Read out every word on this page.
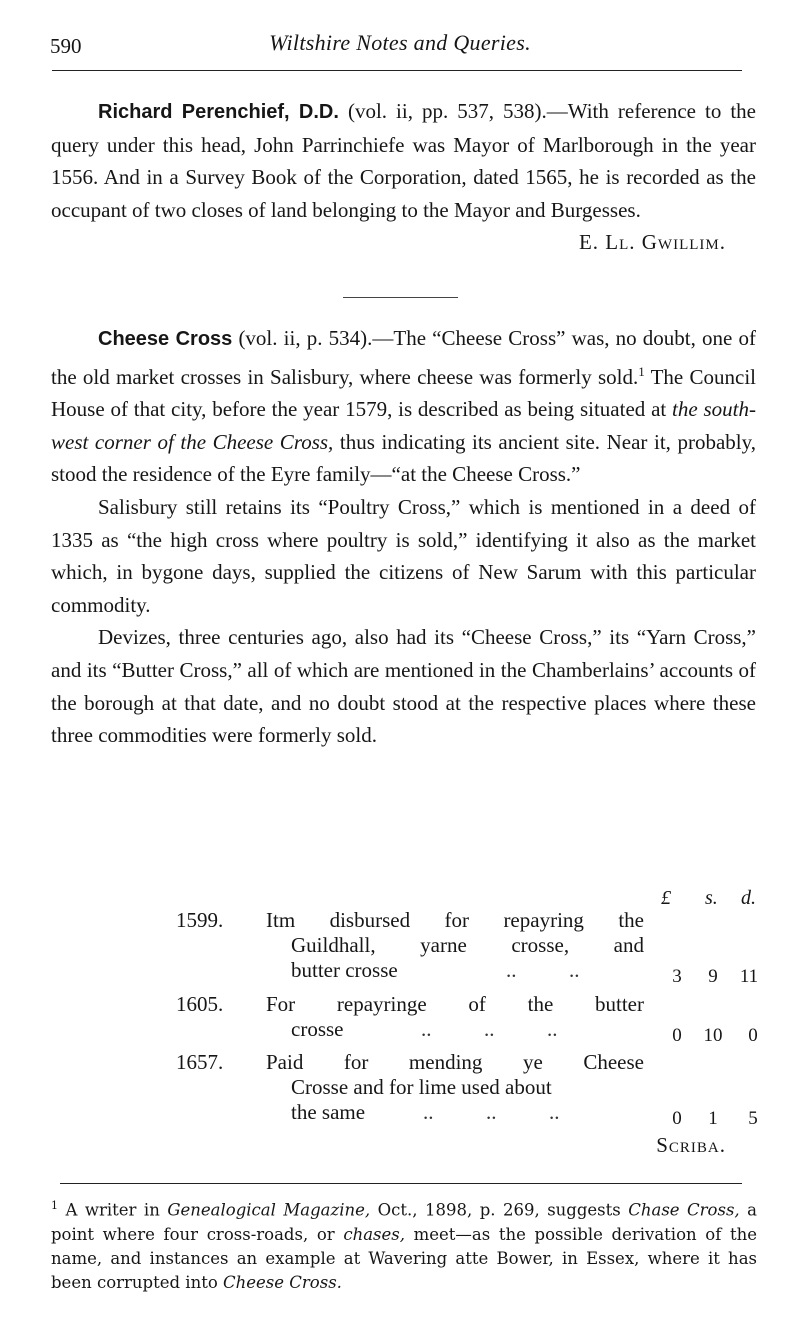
590	Wiltshire Notes and Queries.

Richard Perenchief, D.D. (vol. ii, pp. 537, 538).—With reference to the query under this head, John Parrinchiefe was Mayor of Marlborough in the year 1556. And in a Survey Book of the Corporation, dated 1565, he is recorded as the occupant of two closes of land belonging to the Mayor and Burgesses.

E. Ll. Gwillim.

Cheese Cross (vol. ii, p. 534).—The “Cheese Cross” was, no doubt, one of the old market crosses in Salisbury, where cheese was formerly sold.$^1$ The Council House of that city, before the year 1579, is described as being situated at the south-west corner of the Cheese Cross, thus indicating its ancient site. Near it, probably, stood the residence of the Eyre family—“at the Cheese Cross.”

Salisbury still retains its “Poultry Cross,” which is mentioned in a deed of 1335 as “the high cross where poultry is sold,” identifying it also as the market which, in bygone days, supplied the citizens of New Sarum with this particular commodity.

Devizes, three centuries ago, also had its “Cheese Cross,” its “Yarn Cross,” and its “Butter Cross,” all of which are mentioned in the Chamberlains’ accounts of the borough at that date, and no doubt stood at the respective places where these three commodities were formerly sold.

£ s. d.
1599. Itm disbursed for repayring the
Guildhall, yarne crosse, and
butter crosse	..          ..	3	9	11
1605. For repayringe of the butter
crosse	..          ..          ..	0	10	0
1657. Paid for mending ye Cheese
Crosse and for lime used about
the same	..          ..          ..	0	1	5
Scriba.
$^1$ A writer in Genealogical Magazine, Oct., 1898, p. 269, suggests Chase Cross, a point where four cross-roads, or chases, meet—as the possible derivation of the name, and instances an example at Wavering atte Bower, in Essex, where it has been corrupted into Cheese Cross.
